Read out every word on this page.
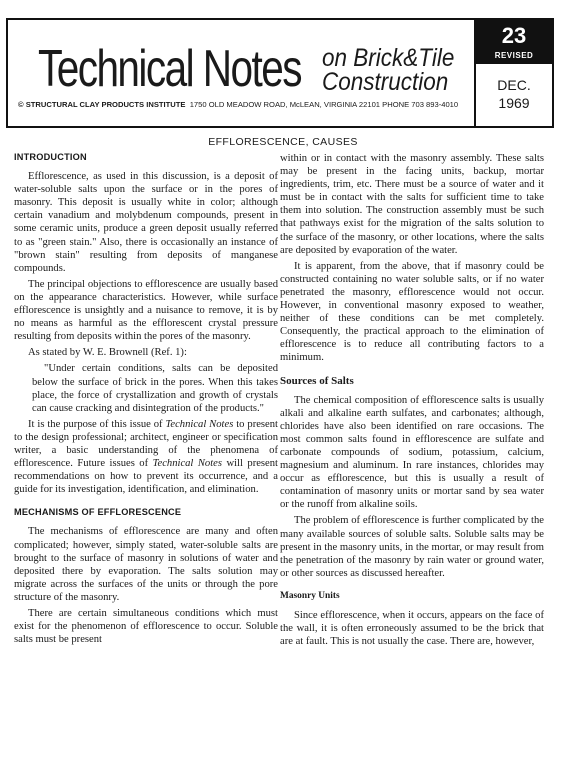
Technical Notes on Brick&Tile
Construction
© STRUCTURAL CLAY PRODUCTS INSTITUTE 1750 OLD MEADOW ROAD, McLEAN, VIRGINIA 22101 PHONE 703 893-4010
23
REVISED
DEC.
1969
EFFLORESCENCE, CAUSES
INTRODUCTION

Efflorescence, as used in this discussion, is a deposit of water-soluble salts upon the surface or in the pores of masonry. This deposit is usually white in color; although certain vanadium and molybdenum compounds, present in some ceramic units, produce a green deposit usually referred to as "green stain." Also, there is occasionally an instance of "brown stain" resulting from deposits of manganese compounds.

The principal objections to efflorescence are usually based on the appearance characteristics. However, while surface efflorescence is unsightly and a nuisance to remove, it is by no means as harmful as the efflorescent crystal pressure resulting from deposits within the pores of the masonry.

As stated by W. E. Brownell (Ref. 1):

"Under certain conditions, salts can be deposited below the surface of brick in the pores. When this takes place, the force of crystallization and growth of crystals can cause cracking and disintegration of the products."

It is the purpose of this issue of Technical Notes to present to the design professional; architect, engineer or specification writer, a basic understanding of the phenomena of efflorescence. Future issues of Technical Notes will present recommendations on how to prevent its occurrence, and a guide for its investigation, identification, and elimination.

MECHANISMS OF EFFLORESCENCE

The mechanisms of efflorescence are many and often complicated; however, simply stated, water-soluble salts are brought to the surface of masonry in solutions of water and deposited there by evaporation. The salts solution may migrate across the surfaces of the units or through the pore structure of the masonry.

There are certain simultaneous conditions which must exist for the phenomenon of efflorescence to occur. Soluble salts must be present

within or in contact with the masonry assembly. These salts may be present in the facing units, backup, mortar ingredients, trim, etc. There must be a source of water and it must be in contact with the salts for sufficient time to take them into solution. The construction assembly must be such that pathways exist for the migration of the salts solution to the surface of the masonry, or other locations, where the salts are deposited by evaporation of the water.

It is apparent, from the above, that if masonry could be constructed containing no water soluble salts, or if no water penetrated the masonry, efflorescence would not occur. However, in conventional masonry exposed to weather, neither of these conditions can be met completely. Consequently, the practical approach to the elimination of efflorescence is to reduce all contributing factors to a minimum.

Sources of Salts

The chemical composition of efflorescence salts is usually alkali and alkaline earth sulfates, and carbonates; although, chlorides have also been identified on rare occasions. The most common salts found in efflorescence are sulfate and carbonate compounds of sodium, potassium, calcium, magnesium and aluminum. In rare instances, chlorides may occur as efflorescence, but this is usually a result of contamination of masonry units or mortar sand by sea water or the runoff from alkaline soils.

The problem of efflorescence is further complicated by the many available sources of soluble salts. Soluble salts may be present in the masonry units, in the mortar, or may result from the penetration of the masonry by rain water or ground water, or other sources as discussed hereafter.

Masonry Units

Since efflorescence, when it occurs, appears on the face of the wall, it is often erroneously assumed to be the brick that are at fault. This is not usually the case. There are, however,
